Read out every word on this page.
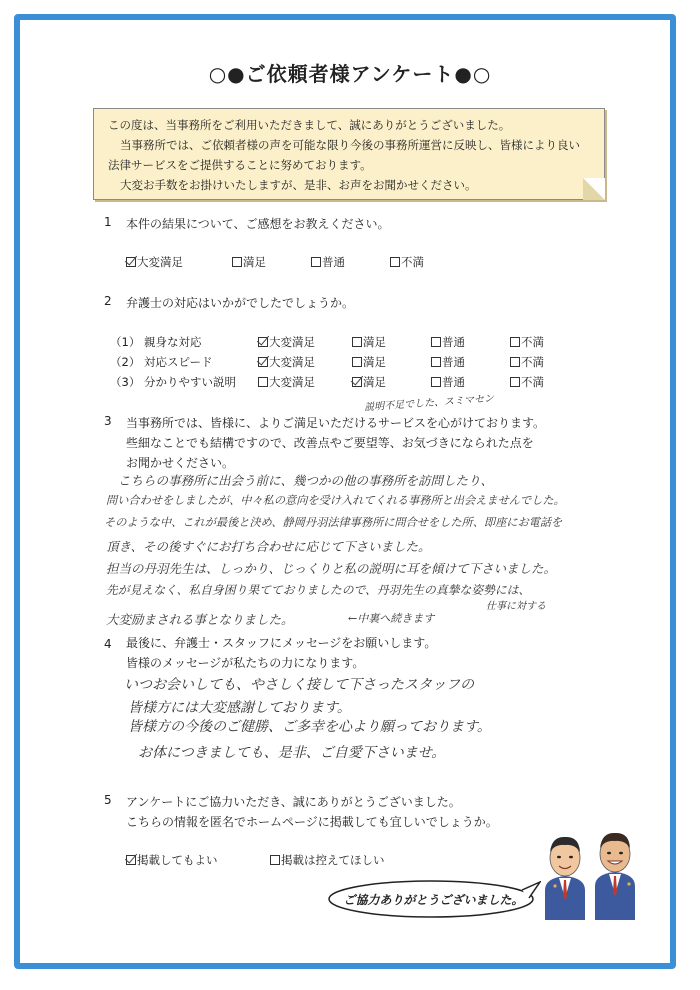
○●ご依頼者様アンケート●○

この度は、当事務所をご利用いただきまして、誠にありがとうございました。

当事務所では、ご依頼者様の声を可能な限り今後の事務所運営に反映し、皆様により良い

法律サービスをご提供することに努めております。

大変お手数をお掛けいたしますが、是非、お声をお聞かせください。

1 本件の結果について、ご感想をお教えください。
大変満足	満足	普通	不満
2 弁護士の対応はいかがでしたでしょうか。
（1） 親身な対応	大変満足	満足	普通	不満
（2） 対応スピード	大変満足	満足	普通	不満
（3） 分かりやすい説明	大変満足	満足	普通	不満
説明不足でした、スミマセン
3 当事務所では、皆様に、よりご満足いただけるサービスを心がけております。
些細なことでも結構ですので、改善点やご要望等、お気づきになられた点を
お聞かせください。
こちらの事務所に出会う前に、幾つかの他の事務所を訪問したり、
問い合わせをしましたが、中々私の意向を受け入れてくれる事務所と出会えませんでした。
そのような中、これが最後と決め、静岡丹羽法律事務所に問合せをした所、即座にお電話を
頂き、その後すぐにお打ち合わせに応じて下さいました。
担当の丹羽先生は、しっかり、じっくりと私の説明に耳を傾けて下さいました。
先が見えなく、私自身困り果てておりましたので、丹羽先生の真摯な姿勢には、
仕事に対する
大変励まされる事となりました。	←中裏へ続きます
4 最後に、弁護士・スタッフにメッセージをお願いします。
皆様のメッセージが私たちの力になります。
いつお会いしても、やさしく接して下さったスタッフの
皆様方には大変感謝しております。
皆様方の今後のご健勝、ご多幸を心より願っております。
お体につきましても、是非、ご自愛下さいませ。
5 アンケートにご協力いただき、誠にありがとうございました。
こちらの情報を匿名でホームページに掲載しても宜しいでしょうか。
掲載してもよい	掲載は控えてほしい
ご協力ありがとうございました。
